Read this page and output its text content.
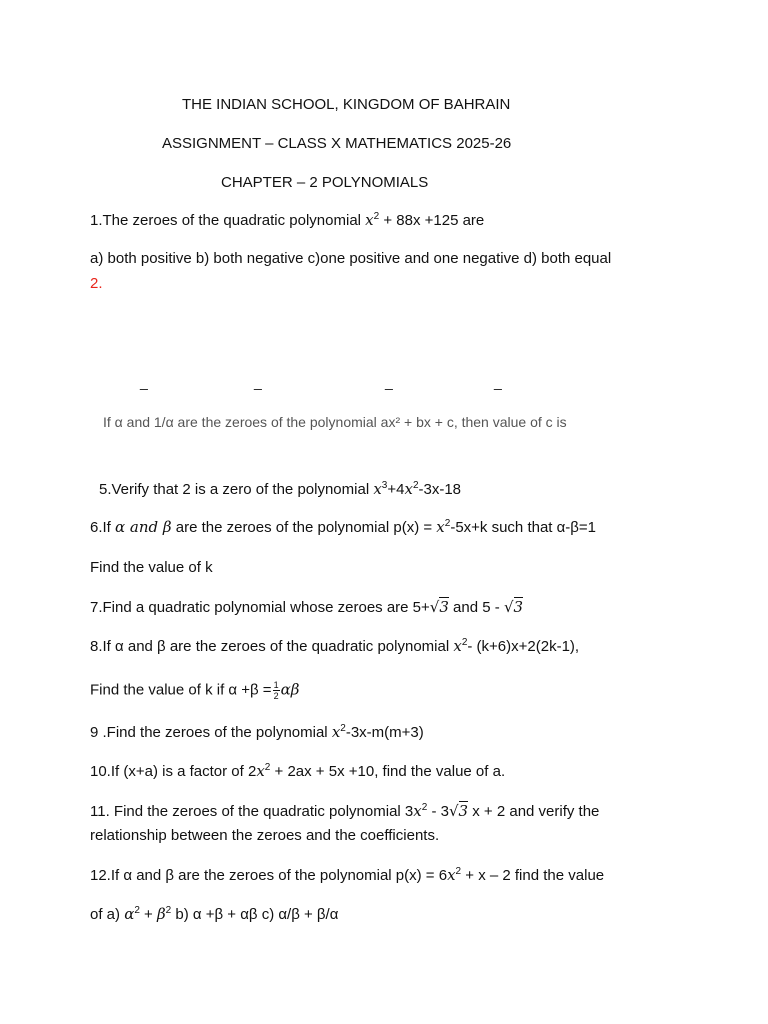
THE INDIAN SCHOOL, KINGDOM OF BAHRAIN
ASSIGNMENT – CLASS X MATHEMATICS 2025-26
CHAPTER – 2 POLYNOMIALS
1.The zeroes of the quadratic polynomial $x^2 + 88x +125$ are
a) both positive b) both negative c)one positive and one negative d) both equal
2.
_	_	_	_
If α and 1/α are the zeroes of the polynomial ax² + bx + c, then value of c is
5.Verify that 2 is a zero of the polynomial $x^3+4x^2-3x-18$
6.If α and β are the zeroes of the polynomial $p(x) = x^2-5x+k$ such that α-β=1
Find the value of k
7.Find a quadratic polynomial whose zeroes are 5+√3 and 5 - √3
8.If α and β are the zeroes of the quadratic polynomial $x^2-$ (k+6)x+2(2k-1),
Find the value of k if $\alpha +\beta = \frac{1}{2}$ αβ
9 .Find the zeroes of the polynomial $x^2-3x-m(m+3)$
10.If (x+a) is a factor of $2x^2 + 2ax + 5x +10$, find the value of a.
11. Find the zeroes of the quadratic polynomial $3x^2 - 3√3$ x + 2 and verify the
relationship between the zeroes and the coefficients.
12.If α and β are the zeroes of the polynomial $p(x) = 6x^2 + x - 2$ find the value
of a) $\alpha^2 + \beta^2$ b) α +β + αβ c) α/β + β/α
